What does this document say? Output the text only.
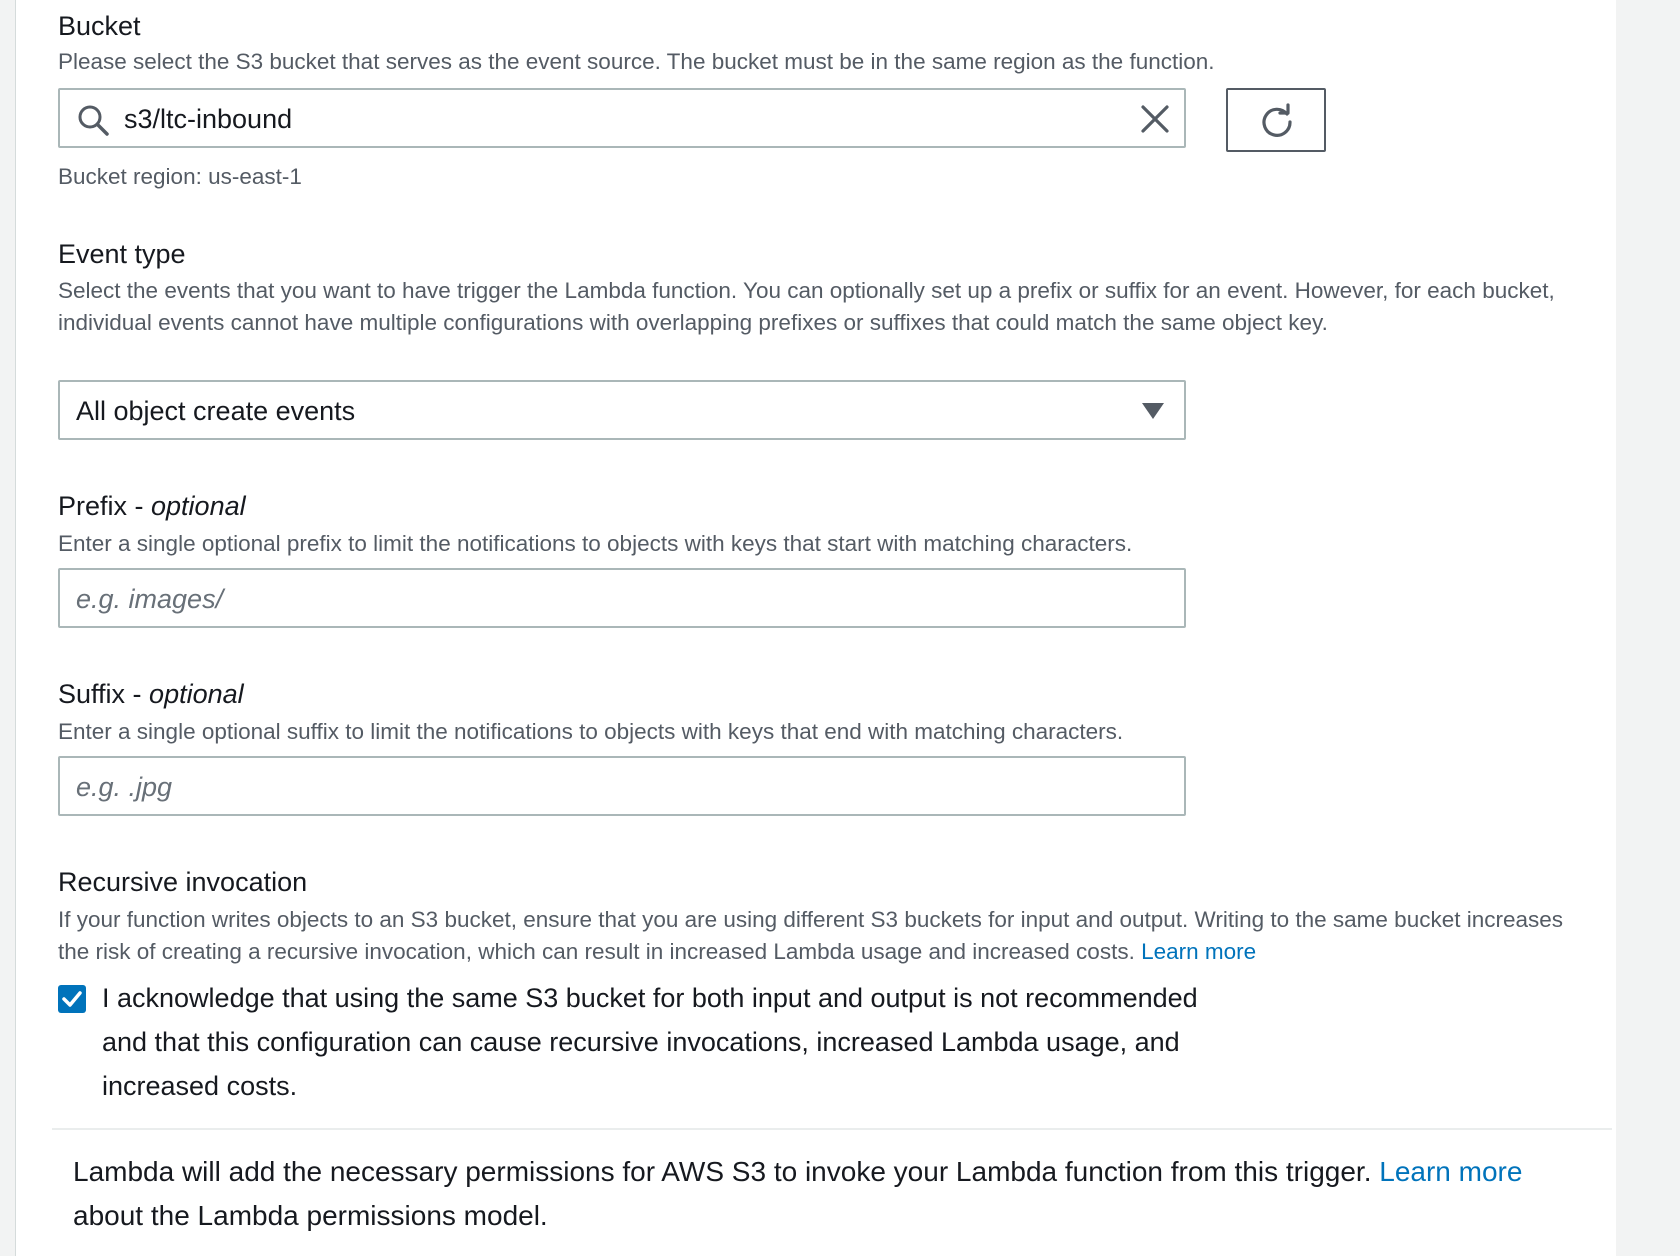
Bucket
Please select the S3 bucket that serves as the event source. The bucket must be in the same region as the function.
s3/ltc-inbound
Bucket region: us-east-1
Event type
Select the events that you want to have trigger the Lambda function. You can optionally set up a prefix or suffix for an event. However, for each bucket, individual events cannot have multiple configurations with overlapping prefixes or suffixes that could match the same object key.
All object create events
Prefix - optional
Enter a single optional prefix to limit the notifications to objects with keys that start with matching characters.
e.g. images/
Suffix - optional
Enter a single optional suffix to limit the notifications to objects with keys that end with matching characters.
e.g. .jpg
Recursive invocation
If your function writes objects to an S3 bucket, ensure that you are using different S3 buckets for input and output. Writing to the same bucket increases the risk of creating a recursive invocation, which can result in increased Lambda usage and increased costs. Learn more
I acknowledge that using the same S3 bucket for both input and output is not recommended and that this configuration can cause recursive invocations, increased Lambda usage, and increased costs.
Lambda will add the necessary permissions for AWS S3 to invoke your Lambda function from this trigger. Learn more about the Lambda permissions model.
